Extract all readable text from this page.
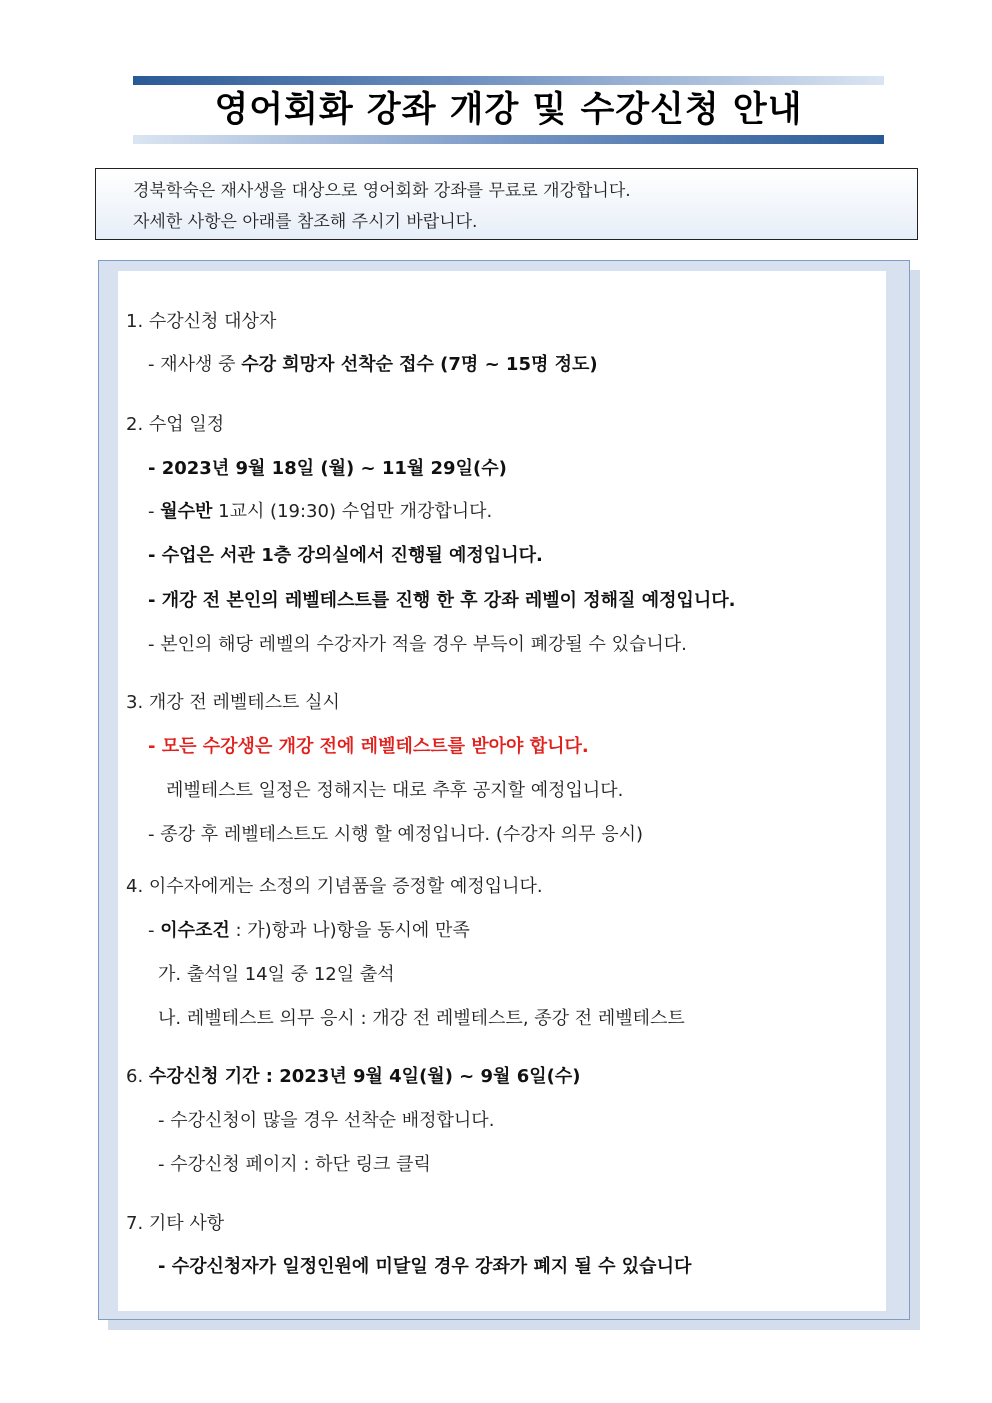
영어회화 강좌 개강 및 수강신청 안내
경북학숙은 재사생을 대상으로 영어회화 강좌를 무료로 개강합니다.
자세한 사항은 아래를 참조해 주시기 바랍니다.
1. 수강신청 대상자
- 재사생 중 수강 희망자 선착순 접수 (7명 ~ 15명 정도)
2. 수업 일정
- 2023년 9월 18일 (월) ~ 11월 29일(수)
- 월수반 1교시 (19:30) 수업만 개강합니다.
- 수업은 서관 1층 강의실에서 진행될 예정입니다.
- 개강 전 본인의 레벨테스트를 진행 한 후 강좌 레벨이 정해질 예정입니다.
- 본인의 해당 레벨의 수강자가 적을 경우 부득이 폐강될 수 있습니다.
3. 개강 전 레벨테스트 실시
- 모든 수강생은 개강 전에 레벨테스트를 받아야 합니다.
레벨테스트 일정은 정해지는 대로 추후 공지할 예정입니다.
- 종강 후 레벨테스트도 시행 할 예정입니다. (수강자 의무 응시)
4. 이수자에게는 소정의 기념품을 증정할 예정입니다.
- 이수조건 : 가)항과 나)항을 동시에 만족
가. 출석일 14일 중 12일 출석
나. 레벨테스트 의무 응시 : 개강 전 레벨테스트, 종강 전 레벨테스트
6. 수강신청 기간 : 2023년 9월 4일(월) ~ 9월 6일(수)
- 수강신청이 많을 경우 선착순 배정합니다.
- 수강신청 페이지 : 하단 링크 클릭
7. 기타 사항
- 수강신청자가 일정인원에 미달일 경우 강좌가 폐지 될 수 있습니다
